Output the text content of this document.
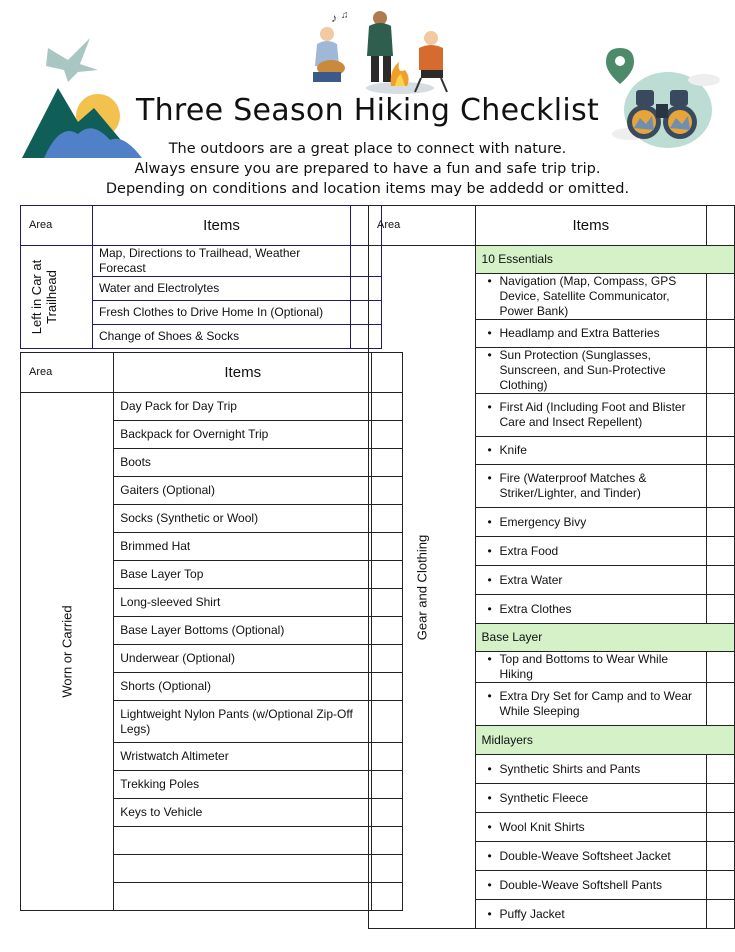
♪ ♫
Three Season Hiking Checklist
The outdoors are a great place to connect with nature.
Always ensure you are prepared to have a fun and safe trip trip.
Depending on conditions and location items may be addedd or omitted.
Area	Items	

Left in Car at Trailhead	Map, Directions to Trailhead, Weather Forecast	
	Water and Electrolytes	
	Fresh Clothes to Drive Home In (Optional)	
	Change of Shoes & Socks	
Area	Items	

Worn or Carried	Day Pack for Day Trip	
	Backpack for Overnight Trip	
	Boots	
	Gaiters (Optional)	
	Socks (Synthetic or Wool)	
	Brimmed Hat	
	Base Layer Top	
	Long-sleeved Shirt	
	Base Layer Bottoms (Optional)	
	Underwear (Optional)	
	Shorts (Optional)	
	Lightweight Nylon Pants (w/Optional Zip-Off Legs)	
	Wristwatch Altimeter	
	Trekking Poles	
	Keys to Vehicle	

Area	Items	

Gear and Clothing	10 Essentials	

	• Navigation (Map, Compass, GPS Device, Satellite Communicator, Power Bank)	

	• Headlamp and Extra Batteries	

	• Sun Protection (Sunglasses, Sunscreen, and Sun-Protective Clothing)	

	• First Aid (Including Foot and Blister Care and Insect Repellent)	

	• Knife	

	• Fire (Waterproof Matches & Striker/Lighter, and Tinder)	

	• Emergency Bivy	

	• Extra Food	

	• Extra Water	

	• Extra Clothes	

	Base Layer	

	• Top and Bottoms to Wear While Hiking	

	• Extra Dry Set for Camp and to Wear While Sleeping	

	Midlayers	

	• Synthetic Shirts and Pants	

	• Synthetic Fleece	

	• Wool Knit Shirts	

	• Double-Weave Softsheet Jacket	

	• Double-Weave Softshell Pants	

	• Puffy Jacket	
